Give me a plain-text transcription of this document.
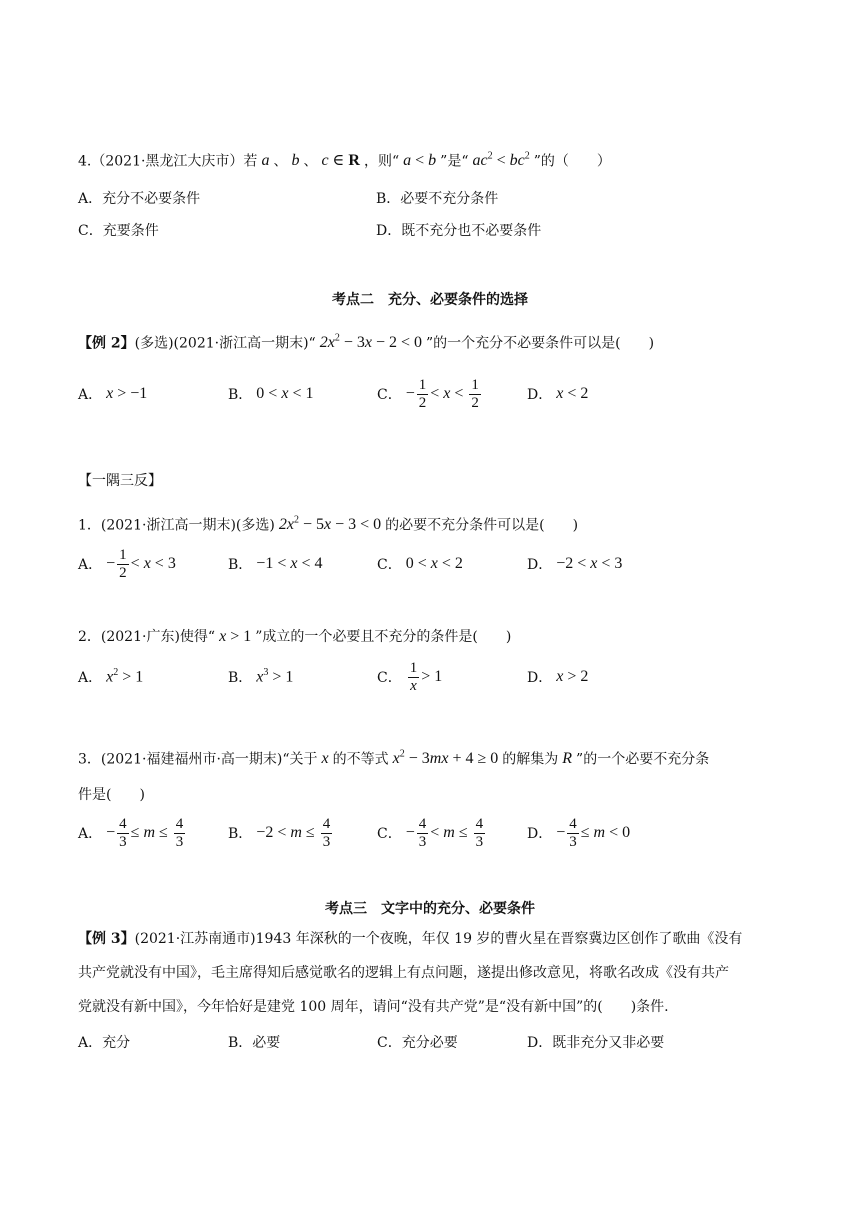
4.（2021·黑龙江大庆市）若 a 、 b 、 c ∈ R ，则“ a < b ”是“ $ac^2 < bc^2$ ”的（　　）
A．充分不必要条件	B．必要不充分条件
C．充要条件	D．既不充分也不必要条件
考点二　充分、必要条件的选择
【例 2】(多选)(2021·浙江高一期末)“ $2x^2 - 3x - 2 < 0$ ”的一个充分不必要条件可以是(　　)
A． x > −1	B． 0 < x < 1	C． − $\frac{1}{2} < x < \frac{1}{2}$	D． x < 2
【一隅三反】
1．(2021·浙江高一期末)(多选) $2x^2 - 5x - 3 < 0$ 的必要不充分条件可以是(　　)
A． − $\frac{1}{2} < x < 3$	B． −1 < x < 4	C． 0 < x < 2	D． −2 < x < 3
2．(2021·广东)使得“ x > 1 ”成立的一个必要且不充分的条件是(　　)
A． $x^2 > 1$	B． $x^3 > 1$	C． $\frac{1}{x} > 1$	D． x > 2
3．(2021·福建福州市·高一期末)“关于 x 的不等式 $x^2 - 3mx + 4 \ge 0$ 的解集为 R ”的一个必要不充分条
件是(　　)
A． − $\frac{4}{3} \le m \le \frac{4}{3}$	B． $-2 < m \le \frac{4}{3}$	C． − $\frac{4}{3} < m \le \frac{4}{3}$	D． − $\frac{4}{3} \le m < 0$
考点三　文字中的充分、必要条件
【例 3】(2021·江苏南通市)1943 年深秋的一个夜晚，年仅 19 岁的曹火星在晋察冀边区创作了歌曲《没有
共产党就没有中国》，毛主席得知后感觉歌名的逻辑上有点问题，遂提出修改意见，将歌名改成《没有共产
党就没有新中国》，今年恰好是建党 100 周年，请问“没有共产党”是“没有新中国”的(　　)条件.
A．充分	B．必要	C．充分必要	D．既非充分又非必要
